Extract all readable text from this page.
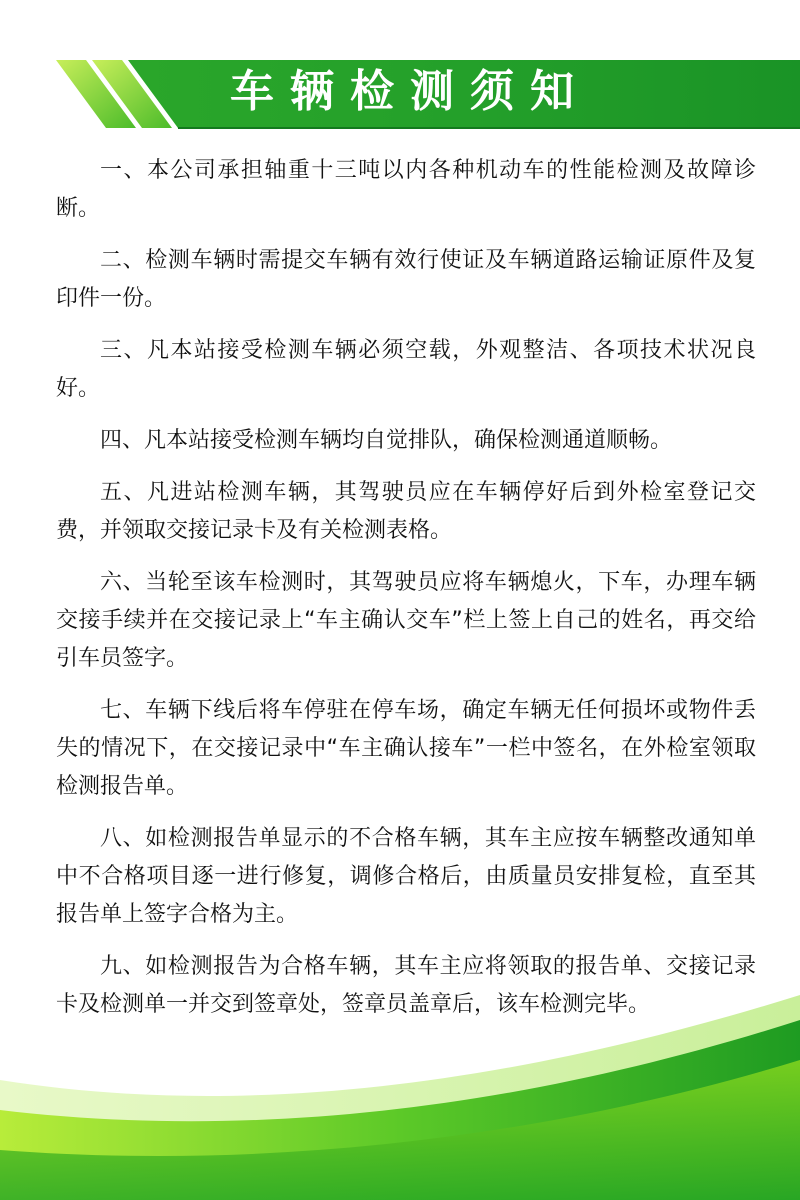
车辆检测须知

一、本公司承担轴重十三吨以内各种机动车的性能检测及故障诊断。

二、检测车辆时需提交车辆有效行使证及车辆道路运输证原件及复印件一份。

三、凡本站接受检测车辆必须空载，外观整洁、各项技术状况良好。

四、凡本站接受检测车辆均自觉排队，确保检测通道顺畅。

五、凡进站检测车辆，其驾驶员应在车辆停好后到外检室登记交费，并领取交接记录卡及有关检测表格。

六、当轮至该车检测时，其驾驶员应将车辆熄火，下车，办理车辆交接手续并在交接记录上“车主确认交车”栏上签上自己的姓名，再交给引车员签字。

七、车辆下线后将车停驻在停车场，确定车辆无任何损坏或物件丢失的情况下，在交接记录中“车主确认接车”一栏中签名，在外检室领取检测报告单。

八、如检测报告单显示的不合格车辆，其车主应按车辆整改通知单中不合格项目逐一进行修复，调修合格后，由质量员安排复检，直至其报告单上签字合格为主。

九、如检测报告为合格车辆，其车主应将领取的报告单、交接记录卡及检测单一并交到签章处，签章员盖章后，该车检测完毕。
